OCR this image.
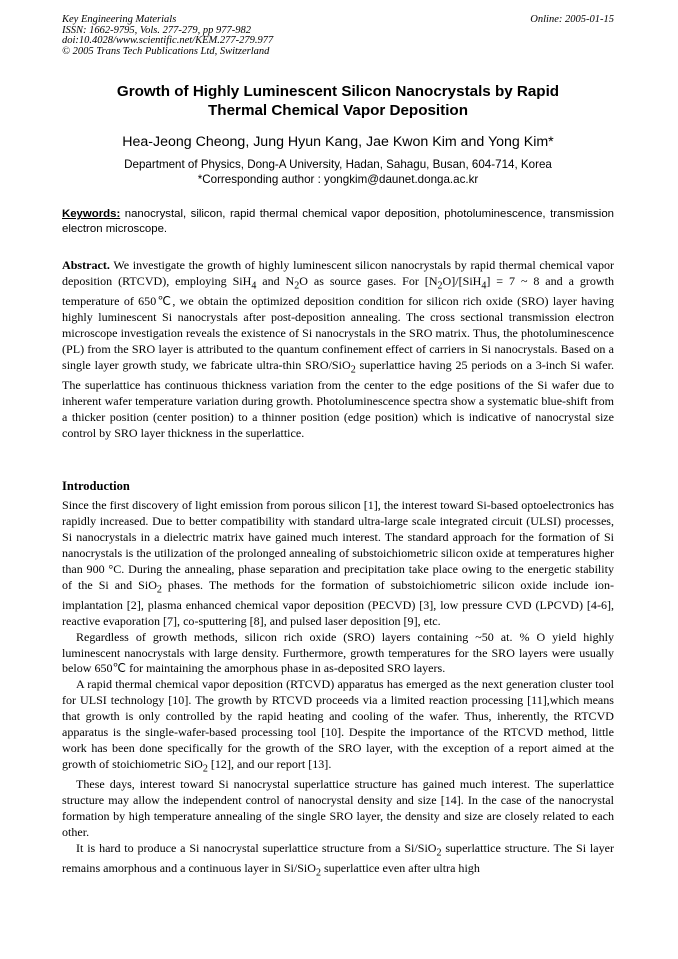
Key Engineering Materials
ISSN: 1662-9795, Vols. 277-279, pp 977-982
doi:10.4028/www.scientific.net/KEM.277-279.977
© 2005 Trans Tech Publications Ltd, Switzerland
Online: 2005-01-15
Growth of Highly Luminescent Silicon Nanocrystals by Rapid
Thermal Chemical Vapor Deposition
Hea-Jeong Cheong, Jung Hyun Kang, Jae Kwon Kim and Yong Kim*
Department of Physics, Dong-A University, Hadan, Sahagu, Busan, 604-714, Korea
*Corresponding author : yongkim@daunet.donga.ac.kr
Keywords: nanocrystal, silicon, rapid thermal chemical vapor deposition, photoluminescence, transmission electron microscope.
Abstract. We investigate the growth of highly luminescent silicon nanocrystals by rapid thermal chemical vapor deposition (RTCVD), employing SiH$_4$ and $N_2O$ as source gases. For $[N_2O]/[SiH_4] = 7$ ~ 8 and a growth temperature of 650℃, we obtain the optimized deposition condition for silicon rich oxide (SRO) layer having highly luminescent Si nanocrystals after post-deposition annealing. The cross sectional transmission electron microscope investigation reveals the existence of Si nanocrystals in the SRO matrix. Thus, the photoluminescence (PL) from the SRO layer is attributed to the quantum confinement effect of carriers in Si nanocrystals. Based on a single layer growth study, we fabricate ultra-thin SRO/SiO$_2$ superlattice having 25 periods on a 3-inch Si wafer. The superlattice has continuous thickness variation from the center to the edge positions of the Si wafer due to inherent wafer temperature variation during growth. Photoluminescence spectra show a systematic blue-shift from a thicker position (center position) to a thinner position (edge position) which is indicative of nanocrystal size control by SRO layer thickness in the superlattice.
Introduction

Since the first discovery of light emission from porous silicon [1], the interest toward Si-based optoelectronics has rapidly increased. Due to better compatibility with standard ultra-large scale integrated circuit (ULSI) processes, Si nanocrystals in a dielectric matrix have gained much interest. The standard approach for the formation of Si nanocrystals is the utilization of the prolonged annealing of substoichiometric silicon oxide at temperatures higher than 900 °C. During the annealing, phase separation and precipitation take place owing to the energetic stability of the Si and SiO$_2$ phases. The methods for the formation of substoichiometric silicon oxide include ion-implantation [2], plasma enhanced chemical vapor deposition (PECVD) [3], low pressure CVD (LPCVD) [4-6], reactive evaporation [7], co-sputtering [8], and pulsed laser deposition [9], etc.

Regardless of growth methods, silicon rich oxide (SRO) layers containing ~50 at. % O yield highly luminescent nanocrystals with large density. Furthermore, growth temperatures for the SRO layers were usually below 650℃ for maintaining the amorphous phase in as-deposited SRO layers.

A rapid thermal chemical vapor deposition (RTCVD) apparatus has emerged as the next generation cluster tool for ULSI technology [10]. The growth by RTCVD proceeds via a limited reaction processing [11],which means that growth is only controlled by the rapid heating and cooling of the wafer. Thus, inherently, the RTCVD apparatus is the single-wafer-based processing tool [10]. Despite the importance of the RTCVD method, little work has been done specifically for the growth of the SRO layer, with the exception of a report aimed at the growth of stoichiometric SiO$_2$ [12], and our report [13].

These days, interest toward Si nanocrystal superlattice structure has gained much interest. The superlattice structure may allow the independent control of nanocrystal density and size [14]. In the case of the nanocrystal formation by high temperature annealing of the single SRO layer, the density and size are closely related to each other.

It is hard to produce a Si nanocrystal superlattice structure from a Si/SiO$_2$ superlattice structure. The Si layer remains amorphous and a continuous layer in Si/SiO$_2$ superlattice even after ultra high
